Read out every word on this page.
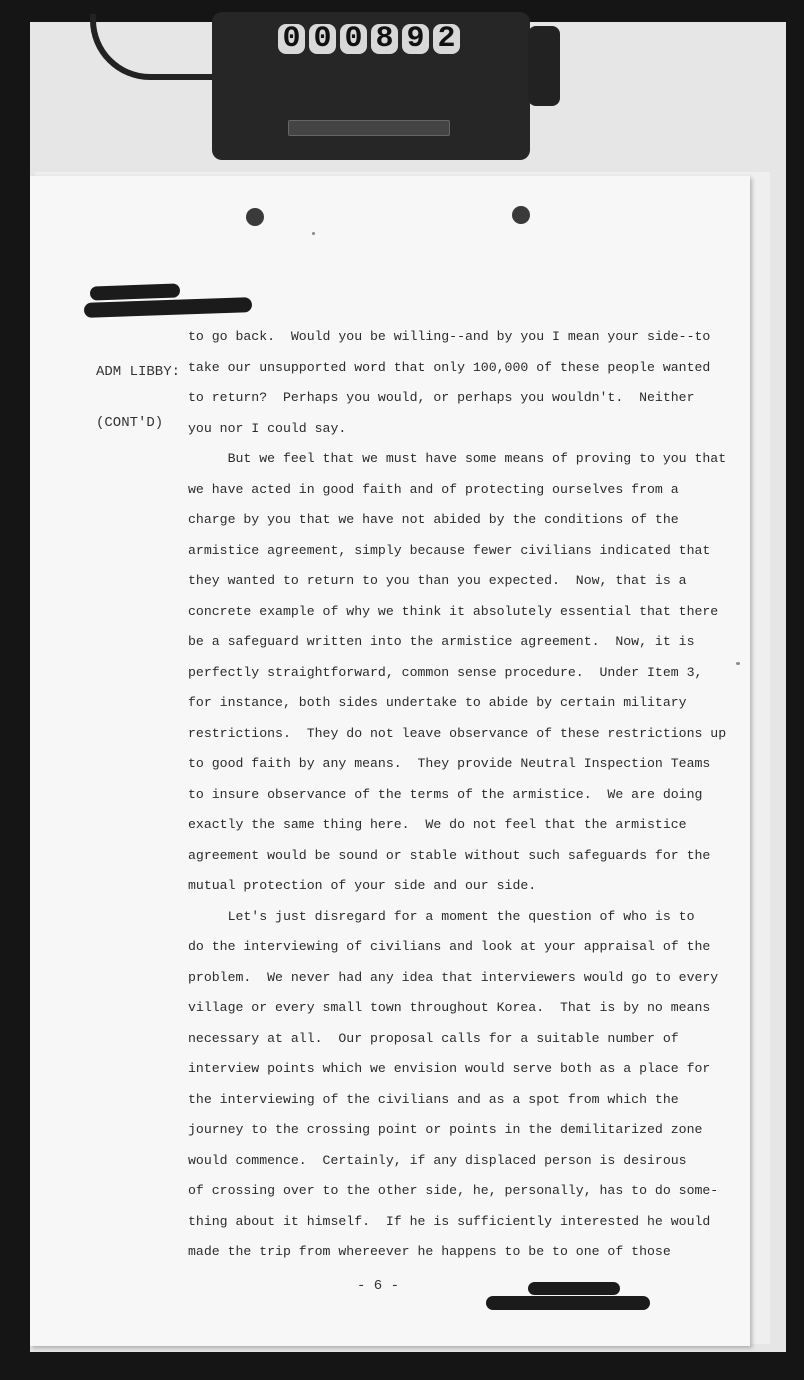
0 0 0 8 9 2

ADM LIBBY:

(CONT'D)

to go back.  Would you be willing--and by you I mean your side--to
take our unsupported word that only 100,000 of these people wanted
to return?  Perhaps you would, or perhaps you wouldn't.  Neither
you nor I could say.
But we feel that we must have some means of proving to you that
we have acted in good faith and of protecting ourselves from a
charge by you that we have not abided by the conditions of the
armistice agreement, simply because fewer civilians indicated that
they wanted to return to you than you expected.  Now, that is a
concrete example of why we think it absolutely essential that there
be a safeguard written into the armistice agreement.  Now, it is
perfectly straightforward, common sense procedure.  Under Item 3,
for instance, both sides undertake to abide by certain military
restrictions.  They do not leave observance of these restrictions up
to good faith by any means.  They provide Neutral Inspection Teams
to insure observance of the terms of the armistice.  We are doing
exactly the same thing here.  We do not feel that the armistice
agreement would be sound or stable without such safeguards for the
mutual protection of your side and our side.
Let's just disregard for a moment the question of who is to
do the interviewing of civilians and look at your appraisal of the
problem.  We never had any idea that interviewers would go to every
village or every small town throughout Korea.  That is by no means
necessary at all.  Our proposal calls for a suitable number of
interview points which we envision would serve both as a place for
the interviewing of the civilians and as a spot from which the
journey to the crossing point or points in the demilitarized zone
would commence.  Certainly, if any displaced person is desirous
of crossing over to the other side, he, personally, has to do some-
thing about it himself.  If he is sufficiently interested he would
made the trip from whereever he happens to be to one of those
- 6 -
